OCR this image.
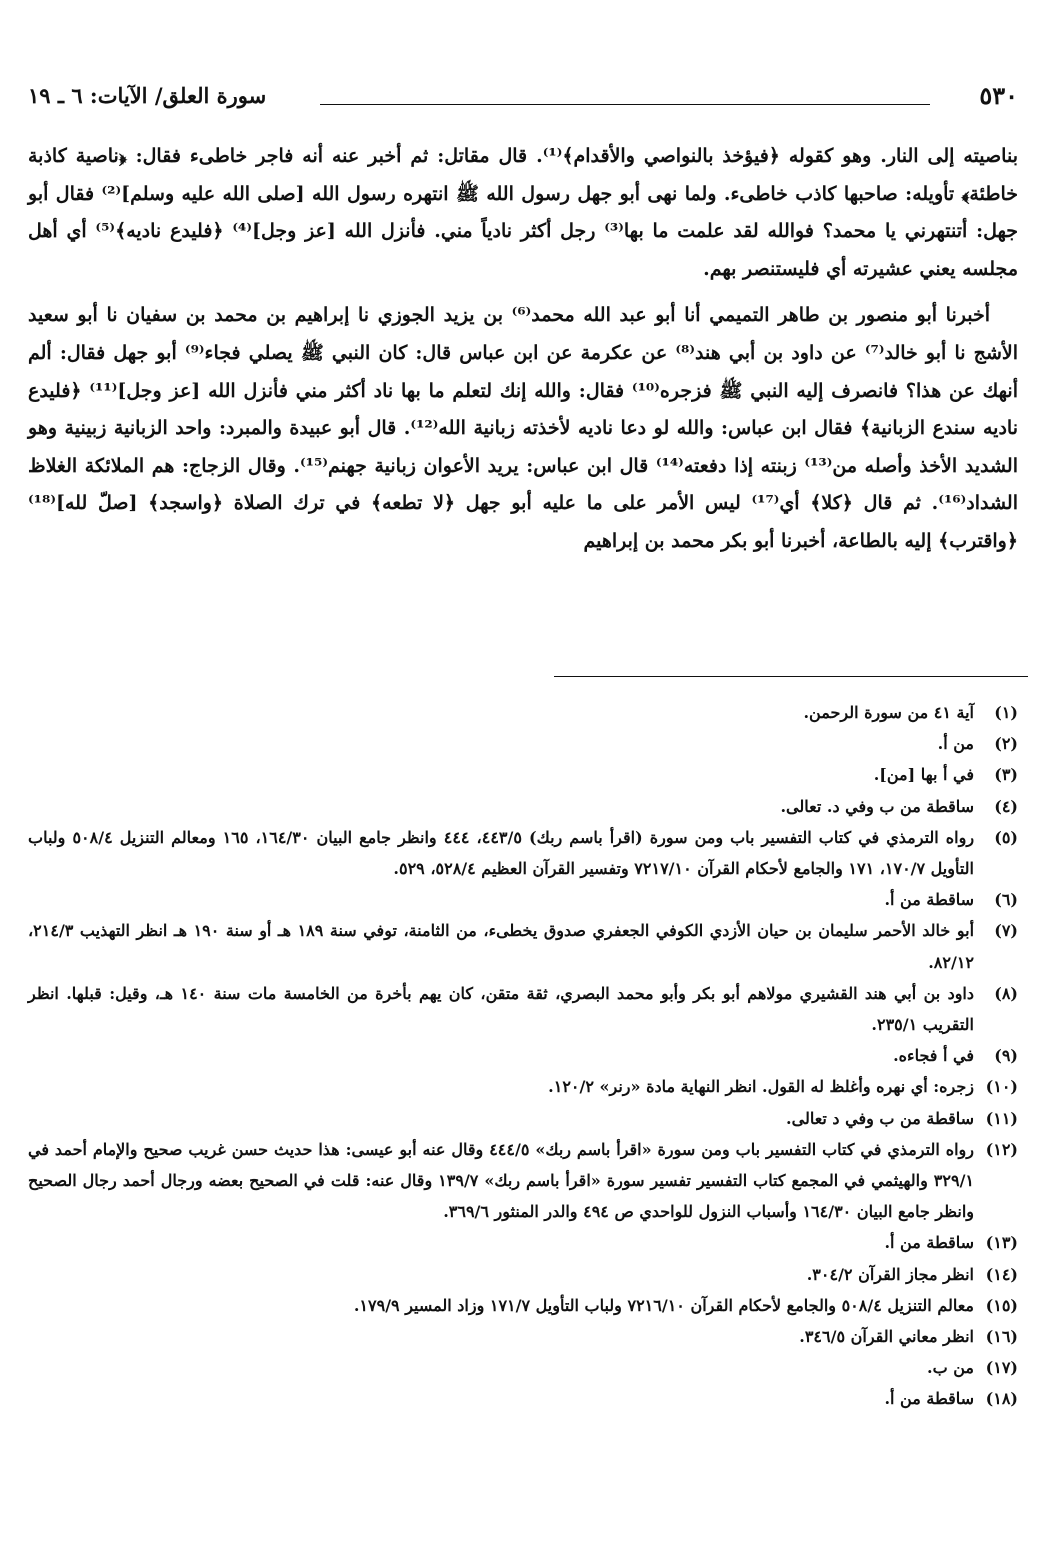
٥٣٠
سورة العلق/ الآيات: ٦ ـ ١٩

بناصيته إلى النار. وهو كقوله ﴿فيؤخذ بالنواصي والأقدام﴾⁽¹⁾. قال مقاتل: ثم أخبر عنه أنه فاجر خاطىء فقال: ﴿ناصية كاذبة خاطئة﴾ تأويله: صاحبها كاذب خاطىء. ولما نهى أبو جهل رسول الله ﷺ انتهره رسول الله [صلى الله عليه وسلم]⁽²⁾ فقال أبو جهل: أتنتهرني يا محمد؟ فوالله لقد علمت ما بها⁽³⁾ رجل أكثر نادياً مني. فأنزل الله [عز وجل]⁽⁴⁾ ﴿فليدع ناديه﴾⁽⁵⁾ أي أهل مجلسه يعني عشيرته أي فليستنصر بهم.

أخبرنا أبو منصور بن طاهر التميمي أنا أبو عبد الله محمد⁽⁶⁾ بن يزيد الجوزي نا إبراهيم بن محمد بن سفيان نا أبو سعيد الأشج نا أبو خالد⁽⁷⁾ عن داود بن أبي هند⁽⁸⁾ عن عكرمة عن ابن عباس قال: كان النبي ﷺ يصلي فجاء⁽⁹⁾ أبو جهل فقال: ألم أنهك عن هذا؟ فانصرف إليه النبي ﷺ فزجره⁽¹⁰⁾ فقال: والله إنك لتعلم ما بها ناد أكثر مني فأنزل الله [عز وجل]⁽¹¹⁾ ﴿فليدع ناديه سندع الزبانية﴾ فقال ابن عباس: والله لو دعا ناديه لأخذته زبانية الله⁽¹²⁾. قال أبو عبيدة والمبرد: واحد الزبانية زبينية وهو الشديد الأخذ وأصله من⁽¹³⁾ زبنته إذا دفعته⁽¹⁴⁾ قال ابن عباس: يريد الأعوان زبانية جهنم⁽¹⁵⁾. وقال الزجاج: هم الملائكة الغلاظ الشداد⁽¹⁶⁾. ثم قال ﴿كلا﴾ أي⁽¹⁷⁾ ليس الأمر على ما عليه أبو جهل ﴿لا تطعه﴾ في ترك الصلاة ﴿واسجد﴾ [صلّ لله]⁽¹⁸⁾﴿واقترب﴾ إليه بالطاعة، أخبرنا أبو بكر محمد بن إبراهيم

(١)
آية ٤١ من سورة الرحمن.
(٢)
من أ.
(٣)
في أ بها [من].
(٤)
ساقطة من ب وفي د. تعالى.
(٥)
رواه الترمذي في كتاب التفسير باب ومن سورة (اقرأ باسم ربك) ٤٤٣/٥، ٤٤٤ وانظر جامع البيان ١٦٤/٣٠، ١٦٥ ومعالم التنزيل ٥٠٨/٤ ولباب التأويل ١٧٠/٧، ١٧١ والجامع لأحكام القرآن ٧٢١٧/١٠ وتفسير القرآن العظيم ٥٢٨/٤، ٥٢٩.
(٦)
ساقطة من أ.
(٧)
أبو خالد الأحمر سليمان بن حيان الأزدي الكوفي الجعفري صدوق يخطىء، من الثامنة، توفي سنة ١٨٩ هـ أو سنة ١٩٠ هـ انظر التهذيب ٢١٤/٣، ٨٢/١٢.
(٨)
داود بن أبي هند القشيري مولاهم أبو بكر وأبو محمد البصري، ثقة متقن، كان يهم بأخرة من الخامسة مات سنة ١٤٠ هـ، وقيل: قبلها. انظر التقريب ٢٣٥/١.
(٩)
في أ فجاءه.
(١٠)
زجره: أي نهره وأغلظ له القول. انظر النهاية مادة «رنر» ١٢٠/٢.
(١١)
ساقطة من ب وفي د تعالى.
(١٢)
رواه الترمذي في كتاب التفسير باب ومن سورة «اقرأ باسم ربك» ٤٤٤/٥ وقال عنه أبو عيسى: هذا حديث حسن غريب صحيح والإمام أحمد في ٣٢٩/١ والهيثمي في المجمع كتاب التفسير تفسير سورة «اقرأ باسم ربك» ١٣٩/٧ وقال عنه: قلت في الصحيح بعضه ورجال أحمد رجال الصحيح وانظر جامع البيان ١٦٤/٣٠ وأسباب النزول للواحدي ص ٤٩٤ والدر المنثور ٣٦٩/٦.
(١٣)
ساقطة من أ.
(١٤)
انظر مجاز القرآن ٣٠٤/٢.
(١٥)
معالم التنزيل ٥٠٨/٤ والجامع لأحكام القرآن ٧٢١٦/١٠ ولباب التأويل ١٧١/٧ وزاد المسير ١٧٩/٩.
(١٦)
انظر معاني القرآن ٣٤٦/٥.
(١٧)
من ب.
(١٨)
ساقطة من أ.
